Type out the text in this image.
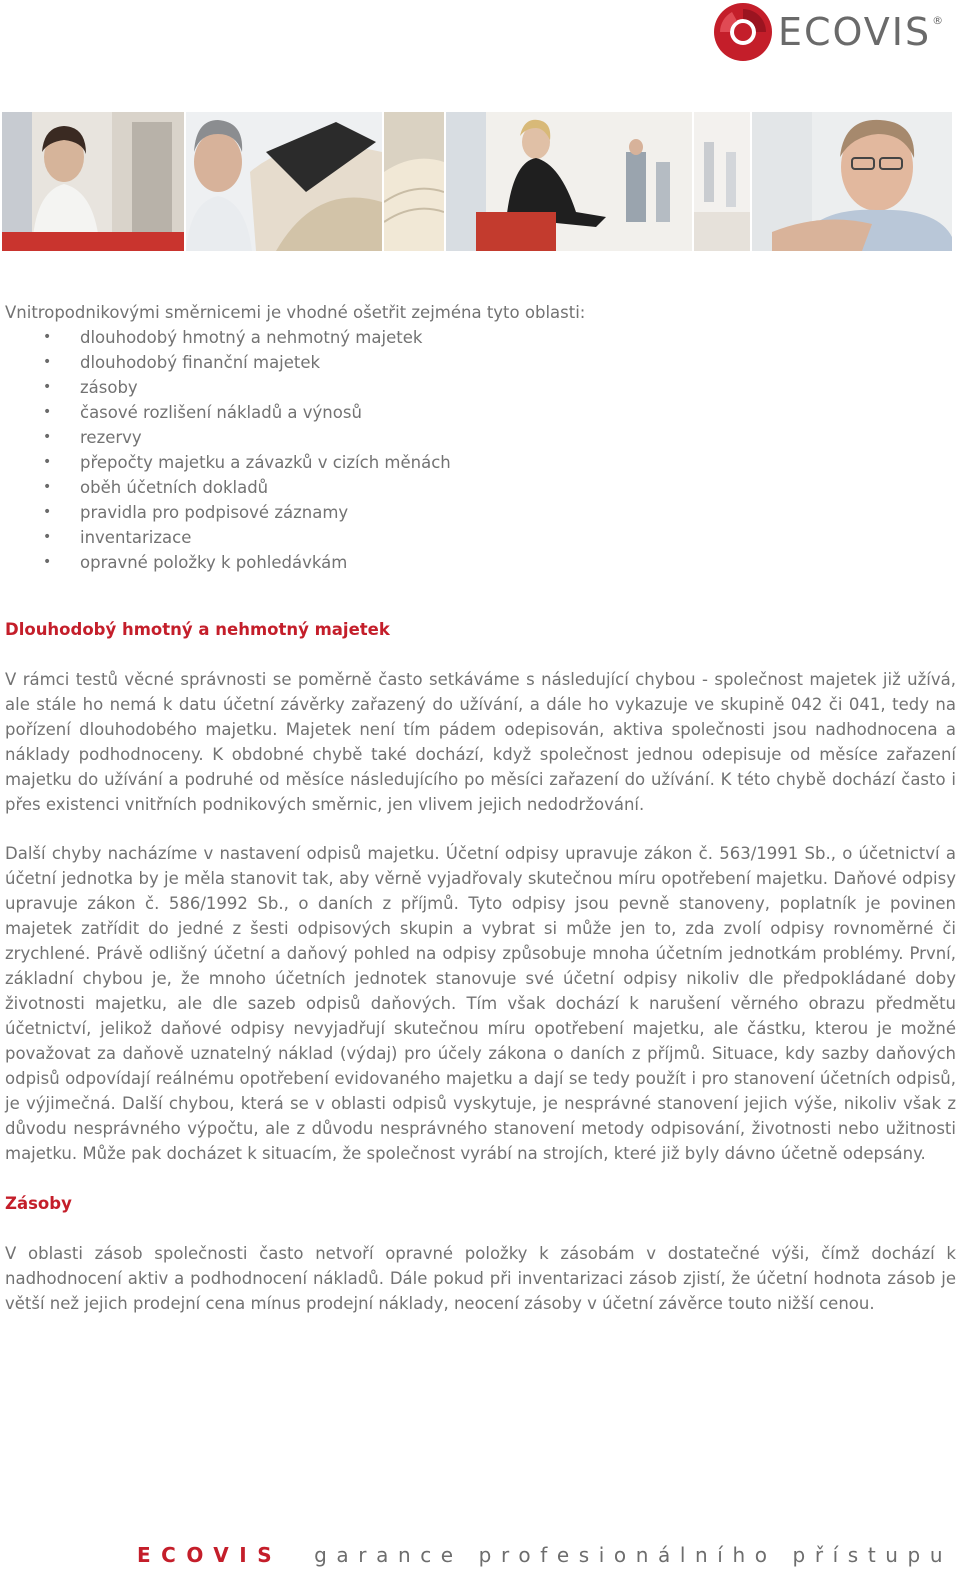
ECOVIS ®
Vnitropodnikovými směrnicemi je vhodné ošetřit zejména tyto oblasti:
• dlouhodobý hmotný a nehmotný majetek
• dlouhodobý finanční majetek
• zásoby
• časové rozlišení nákladů a výnosů
• rezervy
• přepočty majetku a závazků v cizích měnách
• oběh účetních dokladů
• pravidla pro podpisové záznamy
• inventarizace
• opravné položky k pohledávkám
Dlouhodobý hmotný a nehmotný majetek

V rámci testů věcné správnosti se poměrně často setkáváme s následující chybou - společnost majetek již užívá, ale stále ho nemá k datu účetní závěrky zařazený do užívání, a dále ho vykazuje ve skupině 042 či 041, tedy na pořízení dlouhodobého majetku. Majetek není tím pádem odepisován, aktiva společnosti jsou nadhodnocena a náklady podhodnoceny. K obdobné chybě také dochází, když společnost jednou odepisuje od měsíce zařazení majetku do užívání a podruhé od měsíce následujícího po měsíci zařazení do užívání. K této chybě dochází často i přes existenci vnitřních podnikových směrnic, jen vlivem jejich nedodržování.

Další chyby nacházíme v nastavení odpisů majetku. Účetní odpisy upravuje zákon č. 563/1991 Sb., o účetnictví a účetní jednotka by je měla stanovit tak, aby věrně vyjadřovaly skutečnou míru opotřebení majetku. Daňové odpisy upravuje zákon č. 586/1992 Sb., o daních z příjmů. Tyto odpisy jsou pevně stanoveny, poplatník je povinen majetek zatřídit do jedné z šesti odpisových skupin a vybrat si může jen to, zda zvolí odpisy rovnoměrné či zrychlené. Právě odlišný účetní a daňový pohled na odpisy způsobuje mnoha účetním jednotkám problémy. První, základní chybou je, že mnoho účetních jednotek stanovuje své účetní odpisy nikoliv dle předpokládané doby životnosti majetku, ale dle sazeb odpisů daňových. Tím však dochází k narušení věrného obrazu předmětu účetnictví, jelikož daňové odpisy nevyjadřují skutečnou míru opotřebení majetku, ale částku, kterou je možné považovat za daňově uznatelný náklad (výdaj) pro účely zákona o daních z příjmů. Situace, kdy sazby daňových odpisů odpovídají reálnému opotřebení evidovaného majetku a dají se tedy použít i pro stanovení účetních odpisů, je výjimečná. Další chybou, která se v oblasti odpisů vyskytuje, je nesprávné stanovení jejich výše, nikoliv však z důvodu nesprávného výpočtu, ale z důvodu nesprávného stanovení metody odpisování, životnosti nebo užitnosti majetku. Může pak docházet k situacím, že společnost vyrábí na strojích, které již byly dávno účetně odepsány.

Zásoby

V oblasti zásob společnosti často netvoří opravné položky k zásobám v dostatečné výši, čímž dochází k nadhodnocení aktiv a podhodnocení nákladů. Dále pokud při inventarizaci zásob zjistí, že účetní hodnota zásob je větší než jejich prodejní cena mínus prodejní náklady, neocení zásoby v účetní závěrce touto nižší cenou.

ECOVIS garance profesionálního přístupu
